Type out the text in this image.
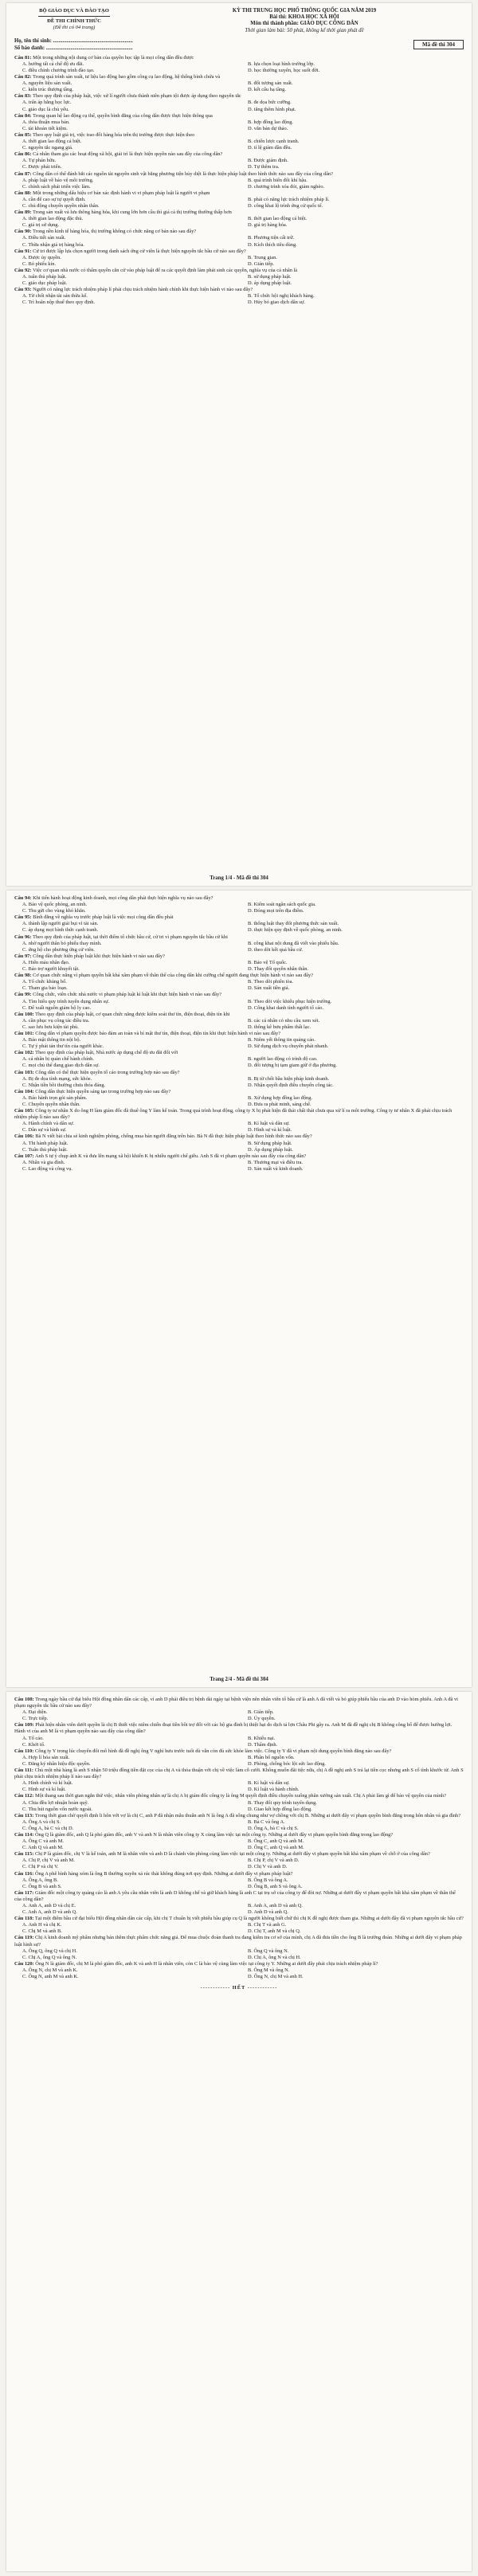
BỘ GIÁO DỤC VÀ ĐÀO TẠO
ĐỀ THI CHÍNH THỨC
(Đề thi có 04 trang)
KỲ THI TRUNG HỌC PHỔ THÔNG QUỐC GIA NĂM 2019
Bài thi: KHOA HỌC XÃ HỘI
Môn thi thành phần: GIÁO DỤC CÔNG DÂN
Thời gian làm bài: 50 phút, không kể thời gian phát đề
Họ, tên thí sinh: ...........................................................
Số báo danh: ................................................................
Mã đề thi 304
Câu 81: Một trong những nội dung cơ bản của quyền học tập là mọi công dân đều được
A. hưởng tất cả chế độ ưu đãi.	B. lựa chọn loại hình trường lớp.
C. điều chỉnh chương trình đào tạo.	D. học thường xuyên, học suốt đời.
Câu 82: Trong quá trình sản xuất, tư liệu lao động bao gồm công cụ lao động, hệ thống bình chứa và
A. nguyên liệu sản xuất.	B. đối tượng sản xuất.
C. kiến trúc thượng tầng.	D. kết cấu hạ tầng.
Câu 83: Theo quy định của pháp luật, việc xử lí người chưa thành niên phạm tội được áp dụng theo nguyên tắc
A. trấn áp hằng học lực.	B. đe dọa bức cưỡng.
C. giáo dục là chủ yếu.	D. tăng thêm hình phạt.
Câu 84: Trong quan hệ lao động cụ thể, quyền bình đẳng của công dân được thực hiện thông qua
A. thỏa thuận mua bán.	B. hợp đồng lao động.
C. tài khoản tiết kiệm.	D. văn bản dự thảo.
Câu 85: Theo quy luật giá trị, việc trao đổi hàng hóa trên thị trường được thực hiện theo
A. thời gian lao động cá biệt.	B. chiến lược cạnh tranh.
C. nguyên tắc ngang giá.	D. tỉ lệ giảm dần đều.
Câu 86: Cá nhân tham gia các hoạt động xã hội, giải trí là thực hiện quyền nào sau đây của công dân?
A. Tự phán hữu.	B. Được giám định.
C. Được phát triển.	D. Tự thêm tra.
Câu 87: Công dân có thể đánh bắt các nguồn tài nguyên sinh vật bằng phương tiện hủy diệt là thực hiện pháp luật theo hình thức nào sau đây của công dân?
A. pháp luật về bảo vệ môi trường.	B. quá trình biến đổi khí hậu.
C. chính sách phát triển việc làm.	D. chương trình xóa đói, giảm nghèo.
Câu 88: Một trong những dấu hiệu cơ bản xác định hành vi vi phạm pháp luật là người vi phạm
A. cần để cao sự tự quyết định.	B. phải có năng lực trách nhiệm pháp lí.
C. chủ động chuyển quyền nhân thân.	D. công khai lộ trình ứng cử quốc tế.
Câu 89: Trong sản xuất và lưu thông hàng hóa, khi cung lớn hơn cầu thì giá cả thị trường thường thấp hơn
A. thời gian lao động đặc thù.	B. thời gian lao động cá biệt.
C. giá trị sử dụng.	D. giá trị hàng hóa.
Câu 90: Trong nền kinh tế hàng hóa, thị trường không có chức năng cơ bản nào sau đây?
A. Điều tiết sản xuất.	B. Phương tiện cất trữ.
C. Thừa nhận giá trị hàng hóa.	D. Kích thích tiêu dùng.
Câu 91: Cử tri được lập lựa chọn người trong danh sách ứng cử viên là thực hiện nguyên tắc bầu cử nào sau đây?
A. Được ủy quyền.	B. Trung gian.
C. Bỏ phiếu kín.	D. Gián tiếp.
Câu 92: Việc cơ quan nhà nước có thẩm quyền căn cứ vào pháp luật để ra các quyết định làm phát sinh các quyền, nghĩa vụ của cá nhân là
A. tuân thủ pháp luật.	B. sử dụng pháp luật.
C. giáo dục pháp luật.	D. áp dụng pháp luật.
Câu 93: Người có năng lực trách nhiệm pháp lí phải chịu trách nhiệm hành chính khi thực hiện hành vi nào sau đây?
A. Từ chối nhận tài sản thừa kế.	B. Tổ chức hội nghị khách hàng.
C. Trì hoãn nộp thuế theo quy định.	D. Hủy bỏ giao dịch dân sự.
Trang 1/4 - Mã đề thi 304
Câu 94: Khi tiến hành hoạt động kinh doanh, mọi công dân phải thực hiện nghĩa vụ nào sau đây?
A. Bảo vệ quốc phòng, an ninh.	B. Kiểm soát ngân sách quốc gia.
C. Thu gửi cho vùng khó khăn.	D. Đóng mọi trên địa điểm.
Câu 95: Bình đẳng về nghĩa vụ trước pháp luật là việc mọi công dân đều phải
A. thành lập người giải bụi vì tài sản.	B. thống luật thay đổi phương thức sản xuất.
C. áp dụng mọi hình thức cạnh tranh.	D. thực hiện quy định về quốc phòng, an ninh.
Câu 96: Theo quy định của pháp luật, tại thời điểm tổ chức bầu cử, cử tri vì phạm nguyên tắc bầu cử khi
A. nhờ người thân bỏ phiếu thay mình.	B. công khai nội dung đã viết vào phiếu bầu.
C. ứng hộ cho phương ứng cử viên.	D. theo dõi kết quả bầu cử.
Câu 97: Công dân thực hiện pháp luật khi thực hiện hành vi nào sau đây?
A. Hiến máu nhân đạo.	B. Bảo vệ Tổ quốc.
C. Báo trợ người khuyết tật.	D. Thay đổi quyền nhân thân.
Câu 98: Cơ quan chức năng vì phạm quyền bất khả xâm phạm về thân thể của công dân khi cưỡng chế người đang thực hiện hành vi nào sau đây?
A. Tổ chức khủng bố.	B. Theo dõi phiên tòa.
C. Tham gia bảo loạn.	D. Sản xuất tiền giả.
Câu 99: Công chức, viên chức nhà nước vi phạm pháp luật kỉ luật khi thực hiện hành vi nào sau đây?
A. Tìm hiểu quy trình tuyển dụng nhân sự.	B. Theo dõi việc khiếu phục hiện trường.
C. Để xuất nguồn giám hộ ly cao.	D. Công khai danh tính người tố cáo.
Câu 100: Theo quy định của pháp luật, cơ quan chức năng được kiểm soát thư tín, điện thoại, điện tín khi
A. cần phục vụ công tác điều tra.	B. các cá nhân có nhu cầu xem xét.
C. sao lưu bưu kiện tài phù.	D. thông kê bưu phẩm thất lạc.
Câu 101: Công dân vì phạm quyền được báo đảm an toàn và bí mật thư tín, điện thoại, điện tín khi thực hiện hành vi nào sau đây?
A. Báo mật thông tin nội bộ.	B. Niêm yết thông tin quảng cáo.
C. Tự ý phát tán thư tín của người khác.	D. Sử dụng dịch vụ chuyển phát nhanh.
Câu 102: Theo quy định của pháp luật, Nhà nước áp dụng chế độ ưu đãi đối với
A. cá nhân bị quản chế hành chính.	B. người lao động có trình độ cao.
C. mọi chủ thể đang giao dịch dân sự.	D. đối tượng bị tạm giam giữ ở địa phương.
Câu 103: Công dân có thể thực hiện quyền tố cáo trong trường hợp nào sau đây?
A. Bị đe dọa tính mạng, sức khỏe.	B. Bị từ chối bầu hiện pháp kinh doanh.
C. Nhận tiền bồi thường chưa thỏa đáng.	D. Nhận quyết định điều chuyển công tác.
Câu 104: Công dân thực hiện quyền sáng tạo trong trường hợp nào sau đây?
A. Báo hành trọn gói sản phẩm.	B. Xử dụng hợp đồng lao động.
C. Chuyển quyền nhân thân.	D. Đưa ra phát minh, sáng chế.
Câu 105: Công ty tư nhân X do ông H làm giám đốc đã thuê ông Y làm kế toán. Trong quá trình hoạt động, công ty X bị phát hiện đã thải chất thải chưa qua xử lí ra môi trường. Công ty tư nhân X đã phải chịu trách nhiệm pháp lí nào sau đây?
A. Hành chính và dân sự.	B. Kỉ luật và dân sự.
C. Dân sự và hình sự.	D. Hình sự và kỉ luật.
Câu 106: Bà N viết bài chia sẻ kinh nghiệm phòng, chống mua bán người đăng trên báo. Bà N đã thực hiện pháp luật theo hình thức nào sau đây?
A. Thi hành pháp luật.	B. Sử dụng pháp luật.
C. Tuân thủ pháp luật.	D. Áp dụng pháp luật.
Câu 107: Anh S tự ý chụp ảnh K và đưa lên mạng xã hội khiến K bị nhiều người chế giễu. Anh S đã vi phạm quyền nào sau đây của công dân?
A. Nhân và gia đình.	B. Thương mại và điều tra.
C. Lao động và công vụ.	D. Sản xuất và kinh doanh.
Trang 2/4 - Mã đề thi 304
Câu 108: Trong ngày bầu cử đại biểu Hội đồng nhân dân các cấp, vì anh D phải điều trị bệnh dài ngày tại bệnh viện nên nhân viên tổ bầu cử là anh A đã viết và bỏ giúp phiếu bầu của anh D vào hòm phiếu. Anh A đã vi phạm nguyên tắc bầu cử nào sau đây?
A. Đại diện.	B. Gián tiếp.
C. Trực tiếp.	D. Ủy quyền.
Câu 109: Phát hiện nhân viên dưới quyền là chị B thiết việc niêm chiến đoạt tiền bồi trợ đối với các hộ gia đình bị thiệt hại do dịch tả lợn Châu Phi gây ra. Anh M đã đề nghị chị B không công bố để được hưởng lợi. Hành vi của anh M là vi phạm quyền nào sau đây của công dân?
A. Tố cáo.	B. Khiếu nại.
C. Khởi tố.	D. Thẩm định.
Câu 110: Công ty Y trong lúc chuyển đổi mô hình đã đề nghị ông V nghỉ hưu trước tuổi dù vẫn còn đủ sức khỏe làm việc. Công ty Y đã vi phạm nội dung quyền bình đẳng nào sau đây?
A. Hợp lí hóa sản xuất.	B. Phân bố nguồn vốn.
C. Đăng ký nhân hiệu độc quyền.	D. Phòng, chống bóc lột sức lao động.
Câu 111: Chủ một nhà hàng là anh S nhận 50 triệu đồng tiền đặt cọc của chị A và thỏa thuận với chị về việc làm cỗ cưới. Không muốn đãi tiệc nữa, chị A đề nghị anh S trả lại tiền cọc nhưng anh S cố tình khước từ. Anh S phải chịu trách nhiệm pháp lí nào sau đây?
A. Hình chính và kỉ luật.	B. Kỉ luật và dân sự.
C. Hình sự và kỉ luật.	D. Kỉ luật và hành chính.
Câu 112: Một thang sau thời gian ngắn thử việc, nhân viên phòng nhân sự là chị A bị giám đốc công ty là ông M quyết định điều chuyển xuống phân xưởng sản xuất. Chị A phải làm gì để bảo vệ quyền của mình?
A. Chia đều lợi nhuận hoàn quỹ.	B. Thay đổi quy trình tuyển dụng.
C. Thu hút nguồn vốn nước ngoài.	D. Giao kết hợp đồng lao động.
Câu 113: Trong thời gian chờ quyết định li hôn với vợ là chị C, anh P đã nhận mẫu thuẫn anh N là ông A đã sống chung như vợ chồng với chị B. Những ai dưới đây vi phạm quyền bình đẳng trong hôn nhân và gia đình?
A. Ông A và chị S.	B. Bà C và ông A.
C. Ông A, bà C và chị D.	D. Ông A, bà C và chị S.
Câu 114: Ông Q là giám đốc, anh Q là phó giám đốc, anh V và anh N là nhân viên công ty X cùng làm việc tại một công ty. Những ai dưới đây vi phạm quyền bình đẳng trong lao động?
A. Ông C và anh M.	B. Ông C, anh Q và anh M.
C. Anh Q và anh M.	D. Ông C, anh Q và anh M.
Câu 115: Chị P là giám đốc, chị V là kế toán, anh M là nhân viên và anh D là chánh văn phòng cùng làm việc tại một công ty. Những ai dưới đây vi phạm quyền bất khả xâm phạm về chỗ ở của công dân?
A. Chị P, chị V và anh M.	B. Chị P, chị V và anh D.
C. Chị P và chị V.	D. Chị V và anh D.
Câu 116: Ông A phê bình hàng xóm là ông B thường xuyên xả rác thải không đúng nơi quy định. Những ai dưới đây vi phạm pháp luật?
A. Ông A, ông B.	B. Ông B và ông A.
C. Ông B và anh S.	D. Ông B, anh S và ông A.
Câu 117: Giám đốc một công ty quảng cáo là anh A yêu cầu nhân viên là anh D không chế và giữ khách hàng là anh C tại trụ sở của công ty để đòi nợ. Những ai dưới đây vi phạm quyền bất khả xâm phạm về thân thể của công dân?
A. Anh A, anh D và chị E.	B. Anh A, anh D và anh Q.
C. Anh A, anh D và anh Q.	D. Anh D và anh Q.
Câu 118: Tại một điểm bầu cử đại biểu Hội đồng nhân dân các cấp, khi chị T chuẩn bị viết phiếu bầu giúp cụ Q là người không biết chữ thì chị K đề nghị được tham gia. Những ai dưới đây đã vi phạm nguyên tắc bầu cử?
A. Anh H và chị K.	B. Chị T và anh G.
C. Chị M và anh B.	D. Chị T, anh M và chị Q.
Câu 119: Chị A kinh doanh mỹ phẩm nhưng bán thêm thực phẩm chức năng giả. Để mua chuộc đoàn thanh tra đang kiểm tra cơ sở của mình, chị A đã đưa tiền cho ông B là trưởng đoàn. Những ai dưới đây vi phạm pháp luật hình sự?
A. Ông Q, ông Q và chị H.	B. Ông Q và ông N.
C. Chị A, ông Q và ông N.	D. Chị A, ông N và chị H.
Câu 120: Ông N là giám đốc, chị M là phó giám đốc, anh K và anh H là nhân viên, còn C là bảo vệ cùng làm việc tại công ty Y. Những ai dưới đây phải chịu trách nhiệm pháp lí?
A. Ông N, chị M và anh K.	B. Ông M và ông N.
C. Ông N, anh M và anh K.	D. Ông N, chị M và anh H.
------------ HẾT ------------
